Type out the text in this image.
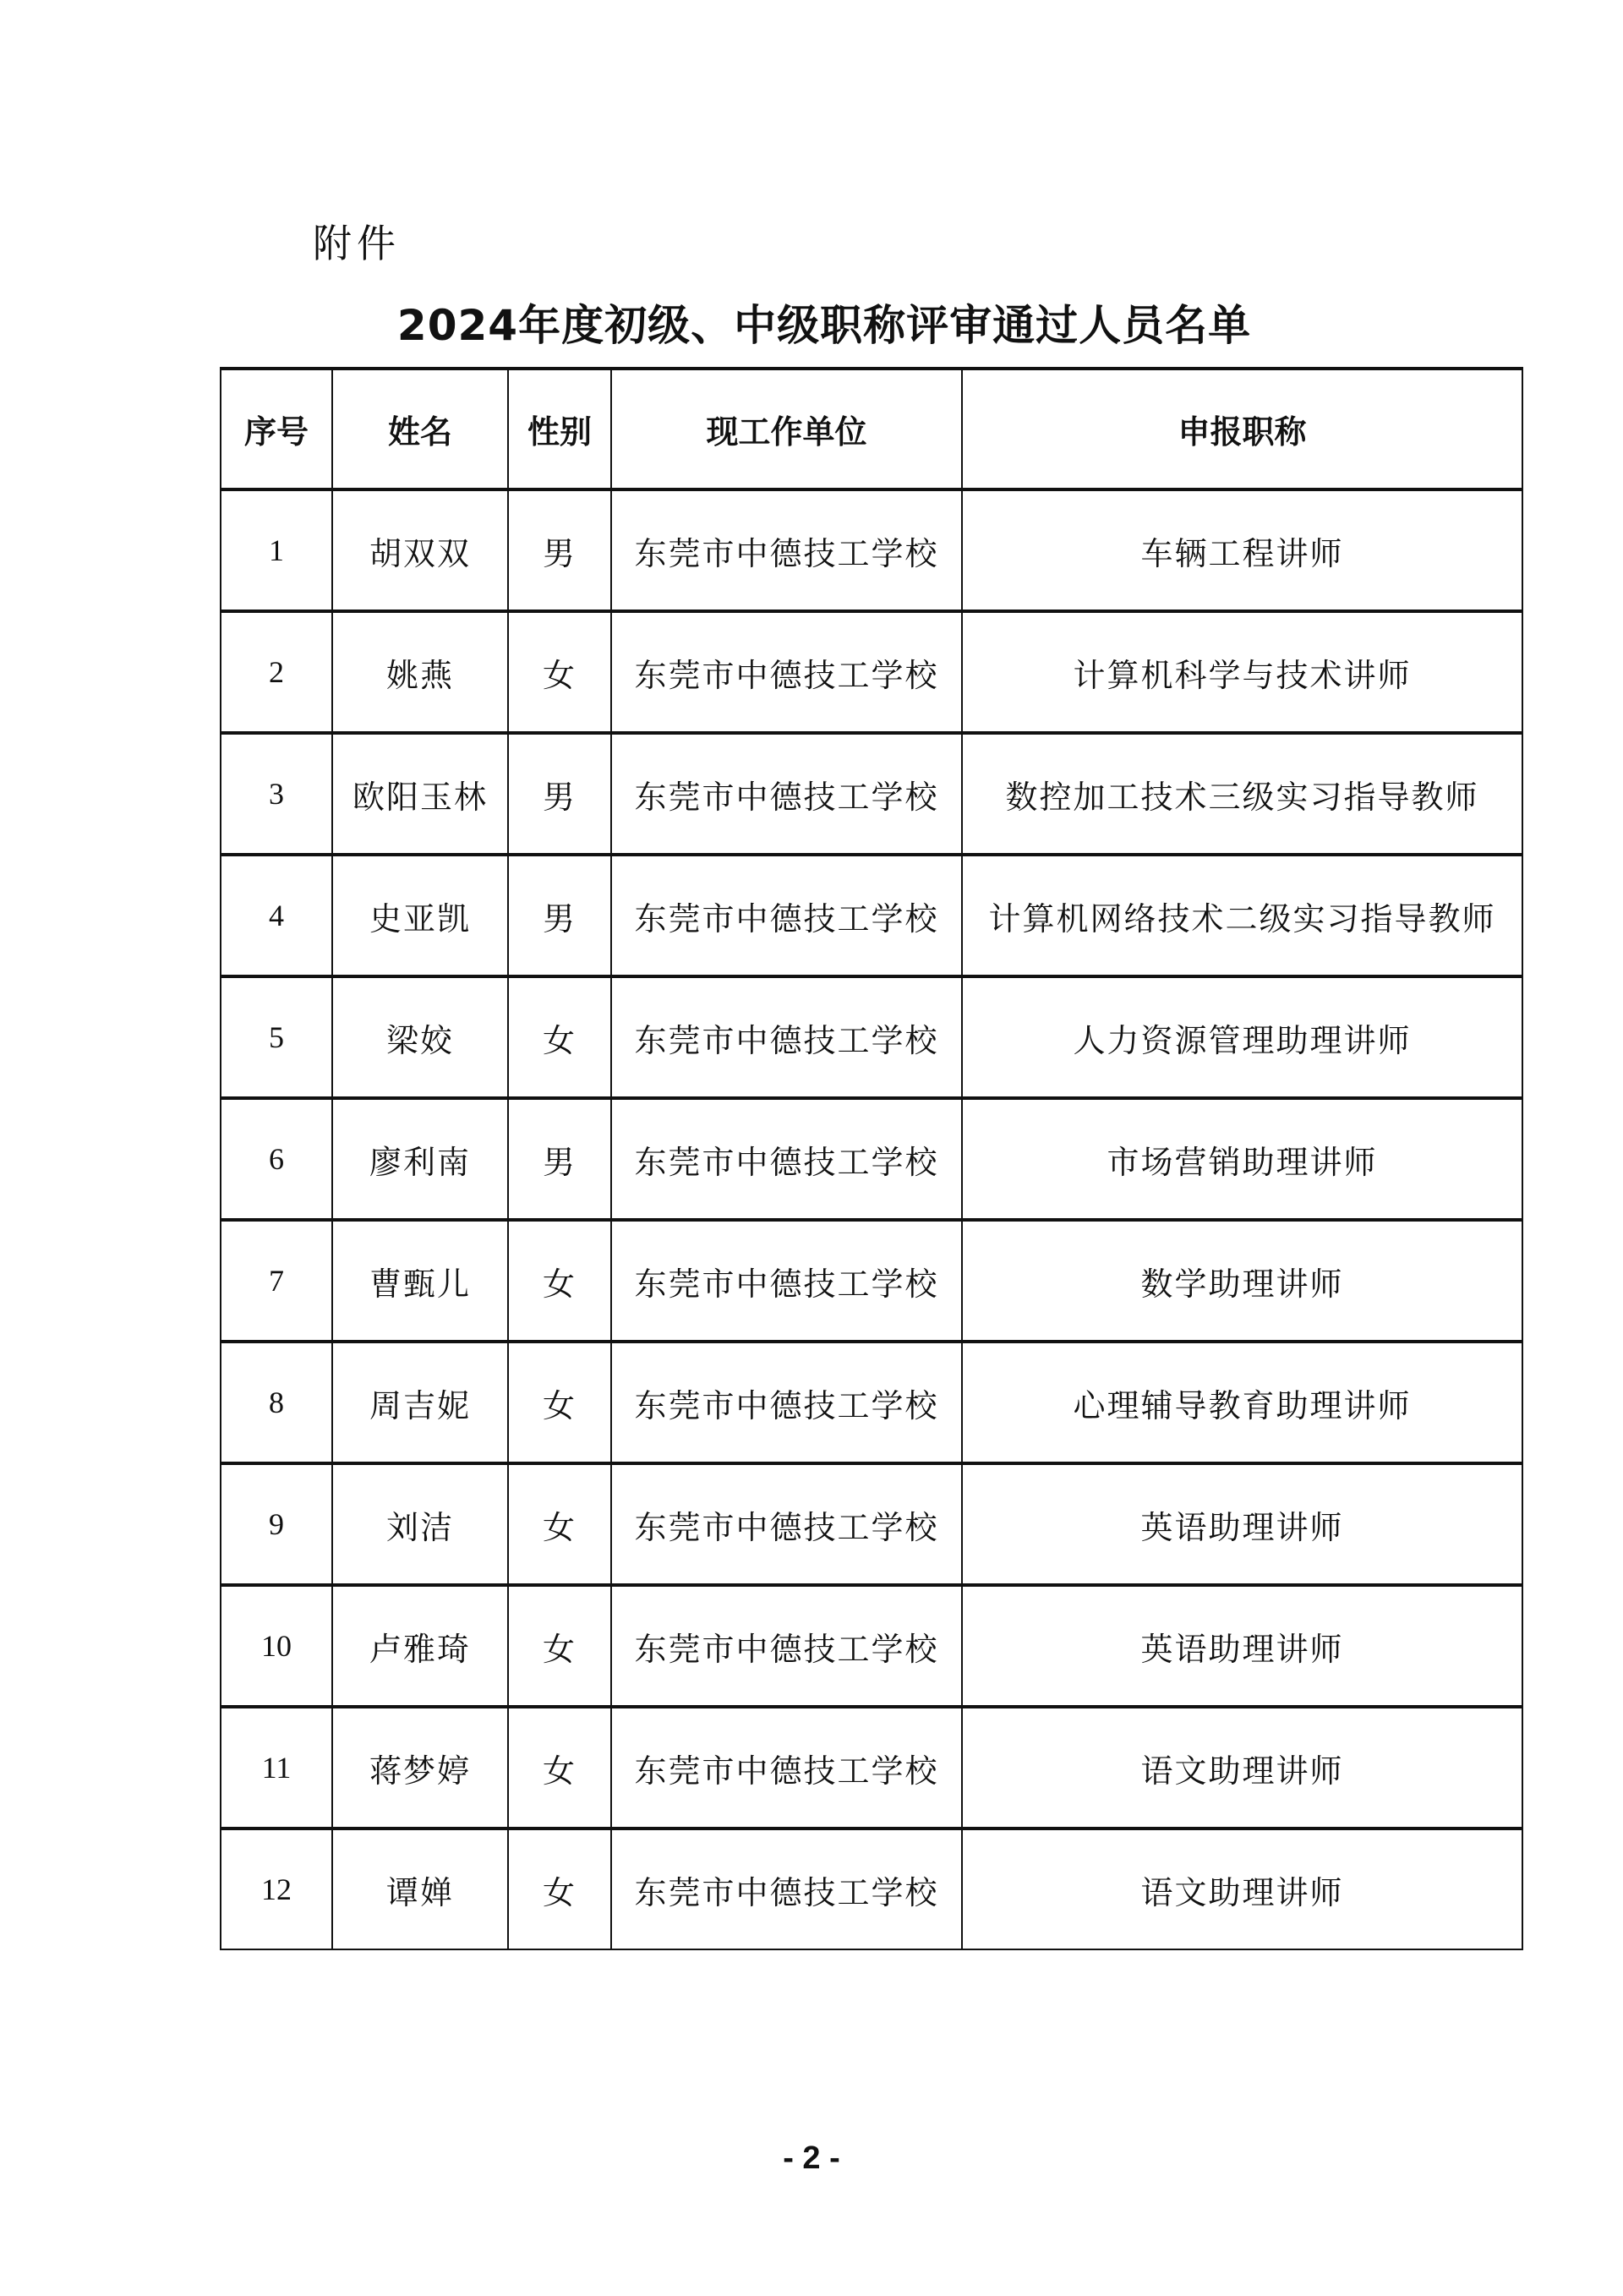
附件
2024年度初级、中级职称评审通过人员名单
序号	姓名	性别	现工作单位	申报职称
1	胡双双	男	东莞市中德技工学校	车辆工程讲师
2	姚燕	女	东莞市中德技工学校	计算机科学与技术讲师
3	欧阳玉林	男	东莞市中德技工学校	数控加工技术三级实习指导教师
4	史亚凯	男	东莞市中德技工学校	计算机网络技术二级实习指导教师
5	梁姣	女	东莞市中德技工学校	人力资源管理助理讲师
6	廖利南	男	东莞市中德技工学校	市场营销助理讲师
7	曹甄儿	女	东莞市中德技工学校	数学助理讲师
8	周吉妮	女	东莞市中德技工学校	心理辅导教育助理讲师
9	刘洁	女	东莞市中德技工学校	英语助理讲师
10	卢雅琦	女	东莞市中德技工学校	英语助理讲师
11	蒋梦婷	女	东莞市中德技工学校	语文助理讲师
12	谭婵	女	东莞市中德技工学校	语文助理讲师
- 2 -
